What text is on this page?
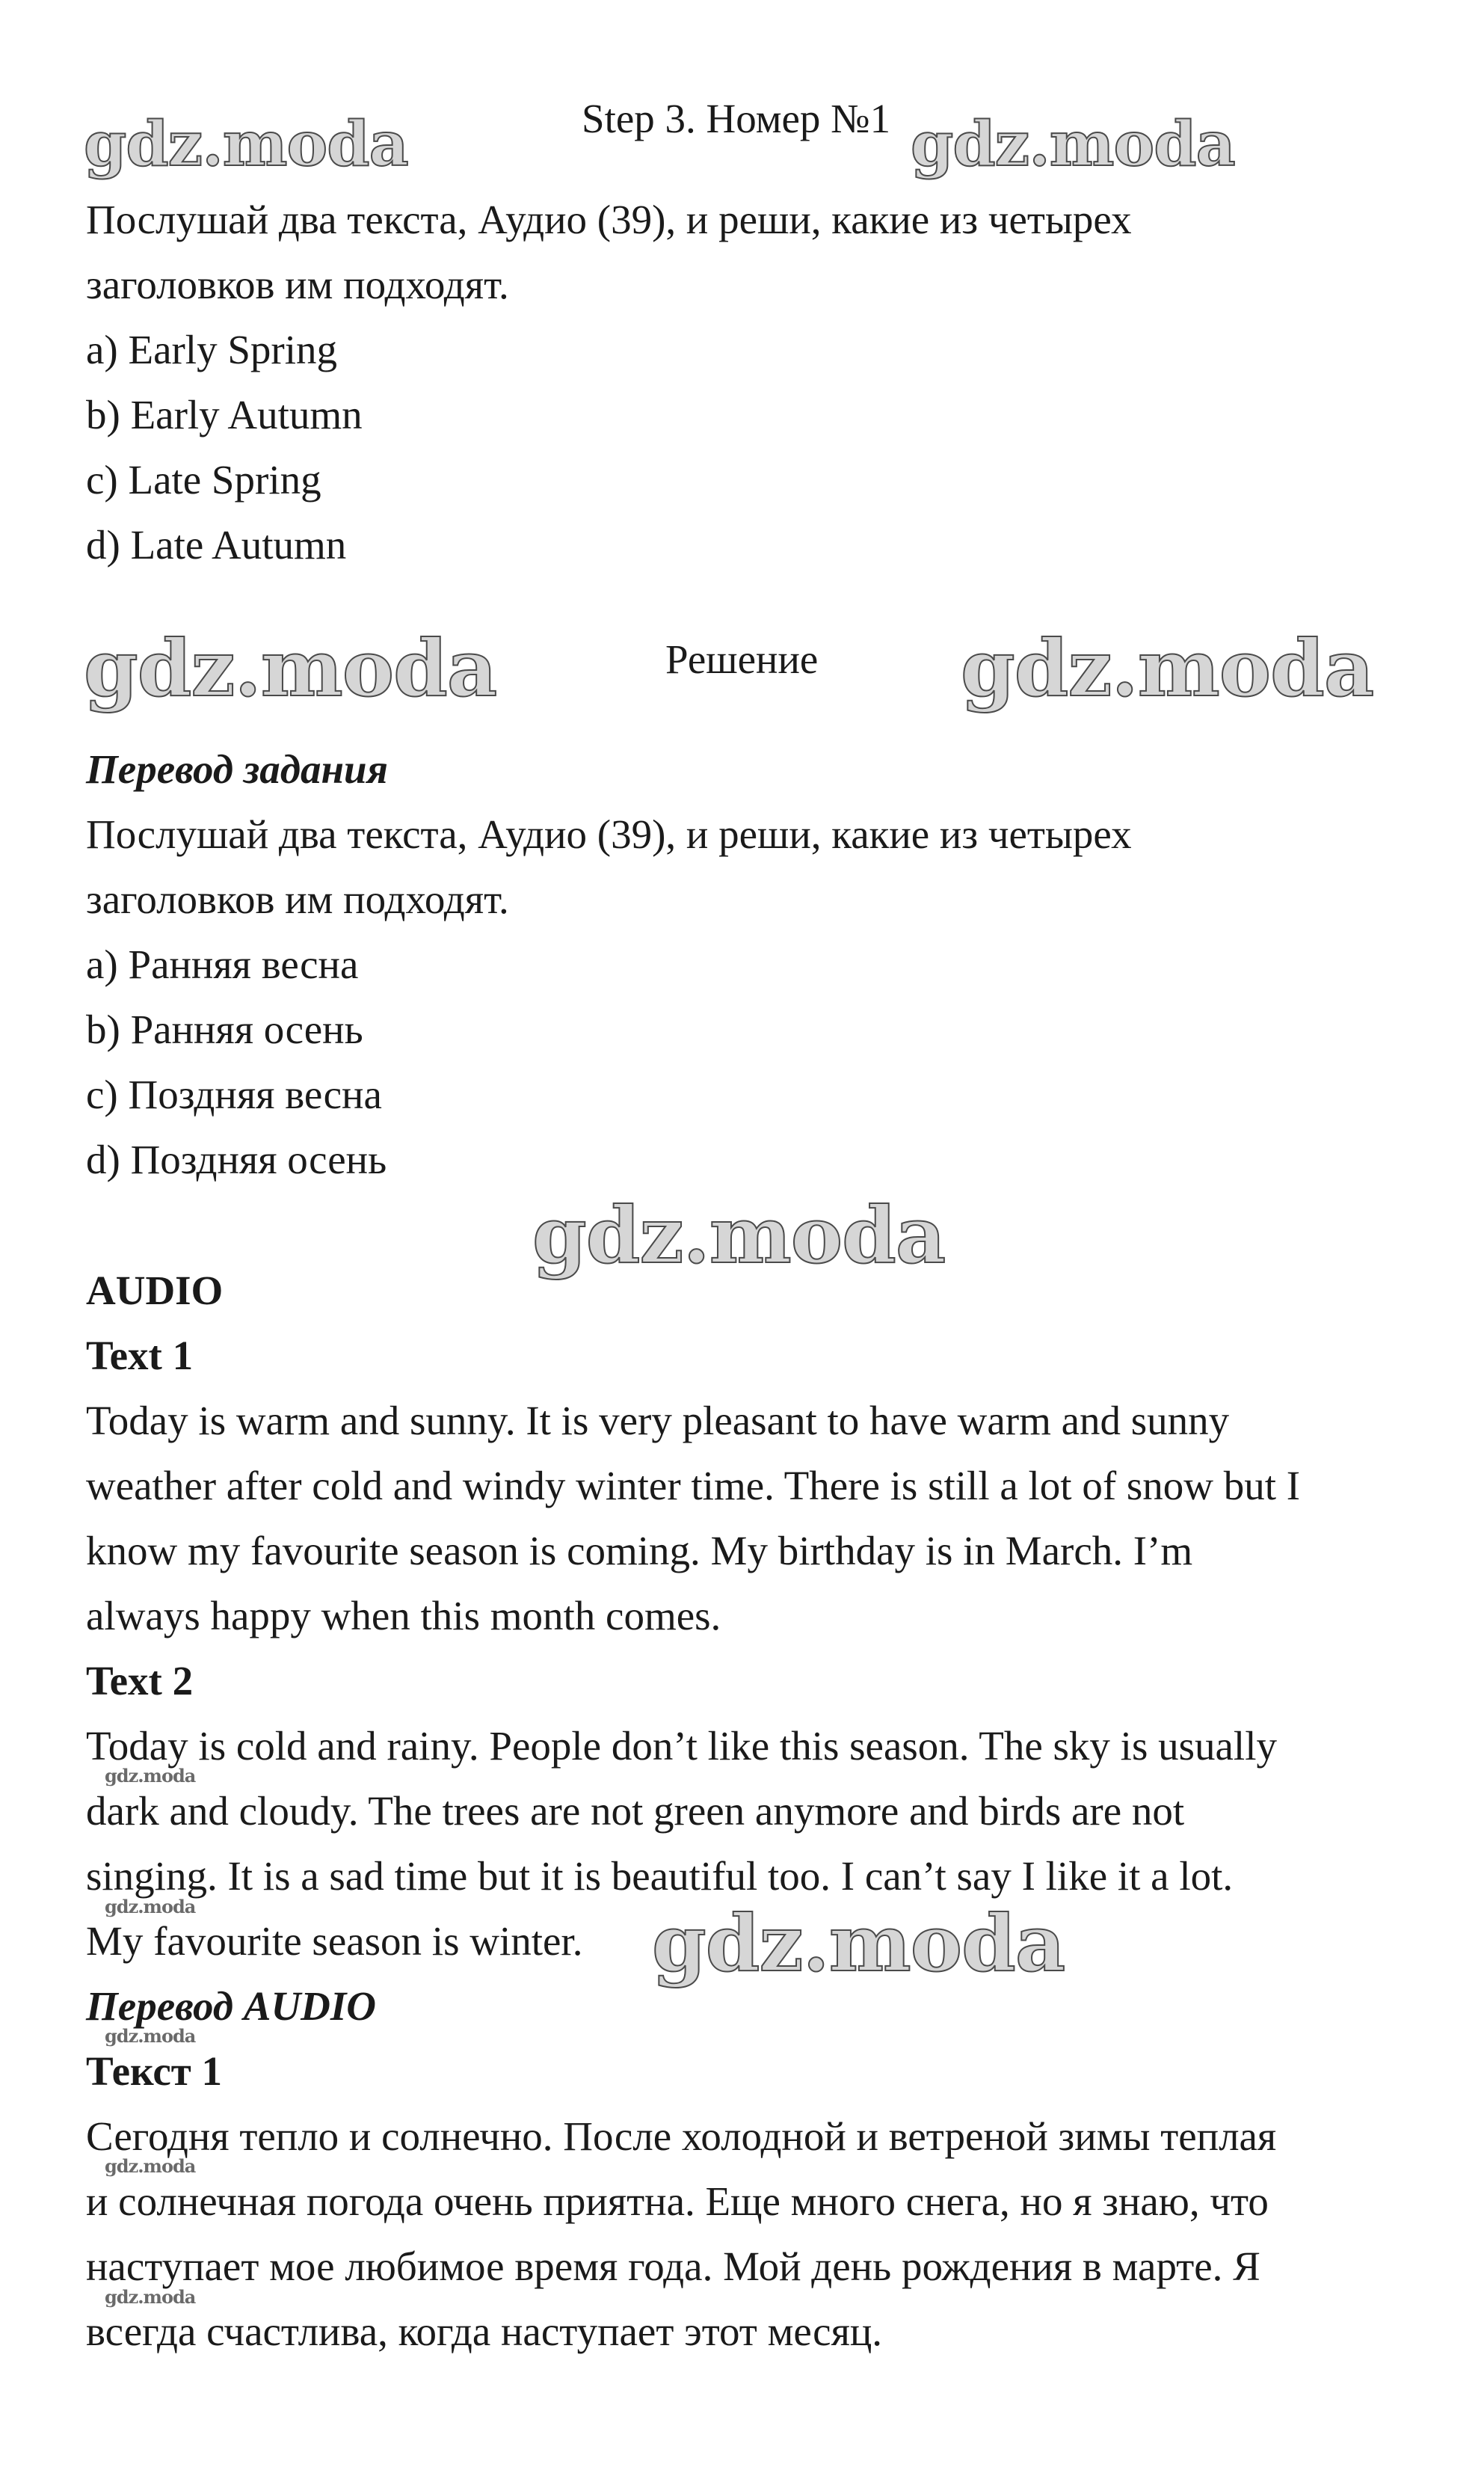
gdz.moda	gdz.moda
gdz.moda	gdz.moda
gdz.moda
gdz.moda
gdz.moda
gdz.moda
gdz.moda
gdz.moda
gdz.moda
Step 3. Номер №1
Послушай два текста, Аудио (39), и реши, какие из четырех
заголовков им подходят.
a) Early Spring
b) Early Autumn
c) Late Spring
d) Late Autumn
Решение
Перевод задания
Послушай два текста, Аудио (39), и реши, какие из четырех
заголовков им подходят.
a) Ранняя весна
b) Ранняя осень
c) Поздняя весна
d) Поздняя осень
AUDIO
Text 1
Today is warm and sunny. It is very pleasant to have warm and sunny
weather after cold and windy winter time. There is still a lot of snow but I
know my favourite season is coming. My birthday is in March. I’m
always happy when this month comes.
Text 2
Today is cold and rainy. People don’t like this season. The sky is usually
dark and cloudy. The trees are not green anymore and birds are not
singing. It is a sad time but it is beautiful too. I can’t say I like it a lot.
My favourite season is winter.
Перевод AUDIO
Текст 1
Сегодня тепло и солнечно. После холодной и ветреной зимы теплая
и солнечная погода очень приятна. Еще много снега, но я знаю, что
наступает мое любимое время года. Мой день рождения в марте. Я
всегда счастлива, когда наступает этот месяц.
